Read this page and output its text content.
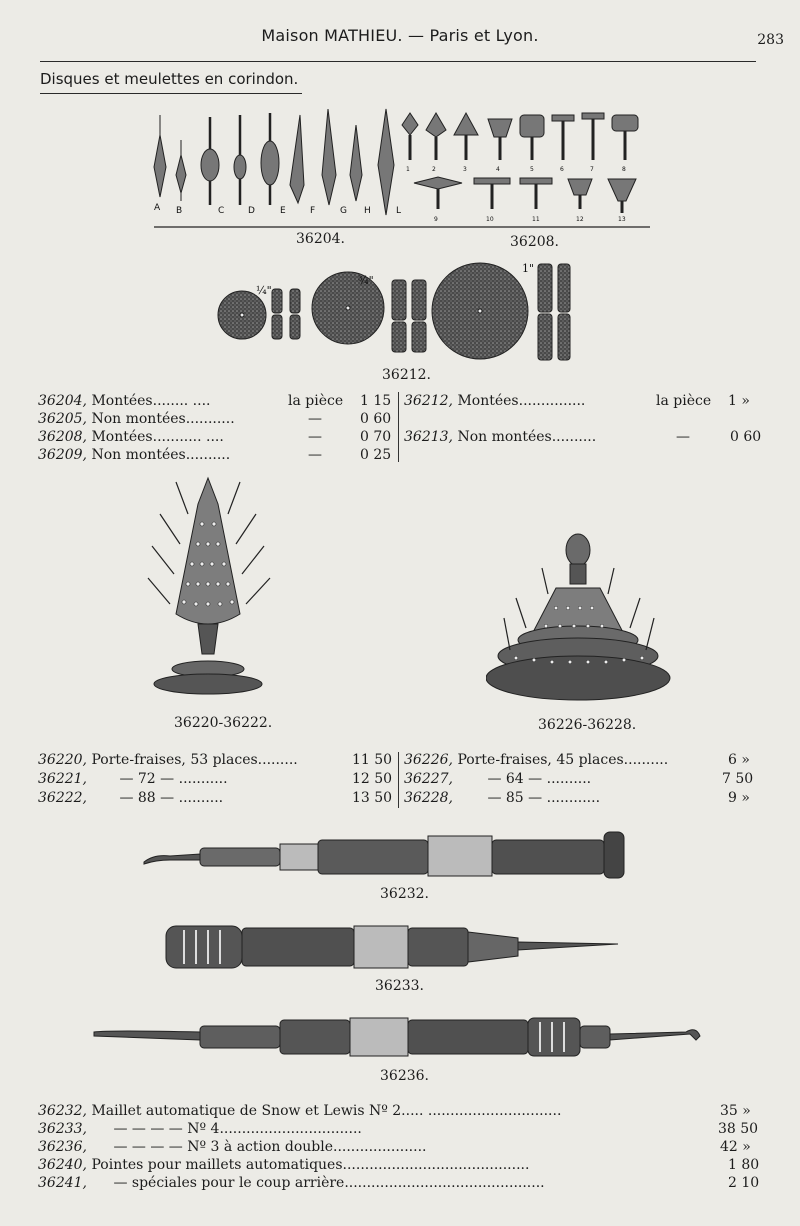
Maison MATHIEU. — Paris et Lyon.	283
Disques et meulettes en corindon.
A B	C	D	E	F	G H	L
1	2	3	4	5	6	7	8
9	10	11	12	13
36204.	36208.
¼"
¾"
1"
36212.
36204, Montées........ ....	la pièce 1 15
36205, Non montées...........	—	0 60
36208, Montées........... ....	—	0 70
36209, Non montées..........	—	0 25
36212, Montées...............	la pièce 1 »
36213, Non montées..........	—	0 60
36220-36222.	36226-36228.
36220, Porte-fraises, 53 places.........	11 50
36221, — 72 — ...........	12 50
36222, — 88 — ..........	13 50
36226, Porte-fraises, 45 places..........	6 »
36227, — 64 — ..........	7 50
36228, — 85 — ............	9 »
36232.
36233.
36236.
36232, Maillet automatique de Snow et Lewis Nº 2..... ..............................	35 »
36233, — — — — Nº 4................................	38 50
36236, — — — — Nº 3 à action double.....................	42 »
36240, Pointes pour maillets automatiques..........................................	1 80
36241, — spéciales pour le coup arrière.............................................	2 10
